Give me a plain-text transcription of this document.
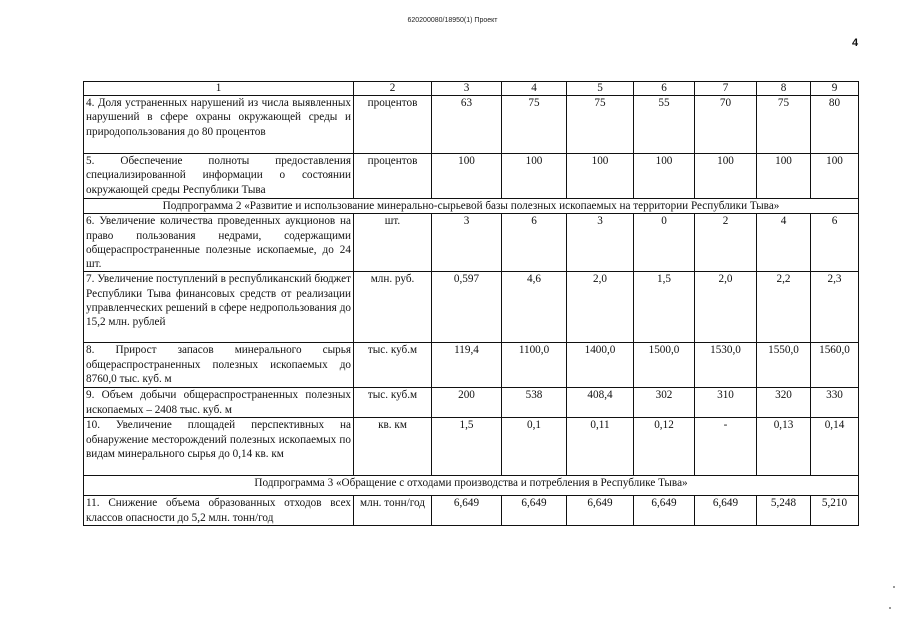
620200080/18950(1) Проект
4
1	2	3	4	5	6	7	8	9
4. Доля устраненных нарушений из числа выявленных нарушений в сфере охраны окружающей среды и природопользования до 80 процентов	процентов	63	75	75	55	70	75	80
5. Обеспечение полноты предоставления специализированной информации о состоянии окружающей среды Республики Тыва	процентов	100	100	100	100	100	100	100
Подпрограмма 2 «Развитие и использование минерально-сырьевой базы полезных ископаемых на территории Республики Тыва»								
6. Увеличение количества проведенных аукционов на право пользования недрами, содержащими общераспространенные полезные ископаемые, до 24 шт.	шт.	3	6	3	0	2	4	6
7. Увеличение поступлений в республиканский бюджет Республики Тыва финансовых средств от реализации управленческих решений в сфере недропользования до 15,2 млн. рублей	млн. руб.	0,597	4,6	2,0	1,5	2,0	2,2	2,3
8. Прирост запасов минерального сырья общераспространенных полезных ископаемых до 8760,0 тыс. куб. м	тыс. куб.м	119,4	1100,0	1400,0	1500,0	1530,0	1550,0	1560,0
9. Объем добычи общераспространенных полезных ископаемых – 2408 тыс. куб. м	тыс. куб.м	200	538	408,4	302	310	320	330
10. Увеличение площадей перспективных на обнаружение месторождений полезных ископаемых по видам минерального сырья до 0,14 кв. км	кв. км	1,5	0,1	0,11	0,12	-	0,13	0,14
Подпрограмма 3 «Обращение с отходами производства и потребления в Республике Тыва»								
11. Снижение объема образованных отходов всех классов опасности до 5,2 млн. тонн/год	млн. тонн/год	6,649	6,649	6,649	6,649	6,649	5,248	5,210
